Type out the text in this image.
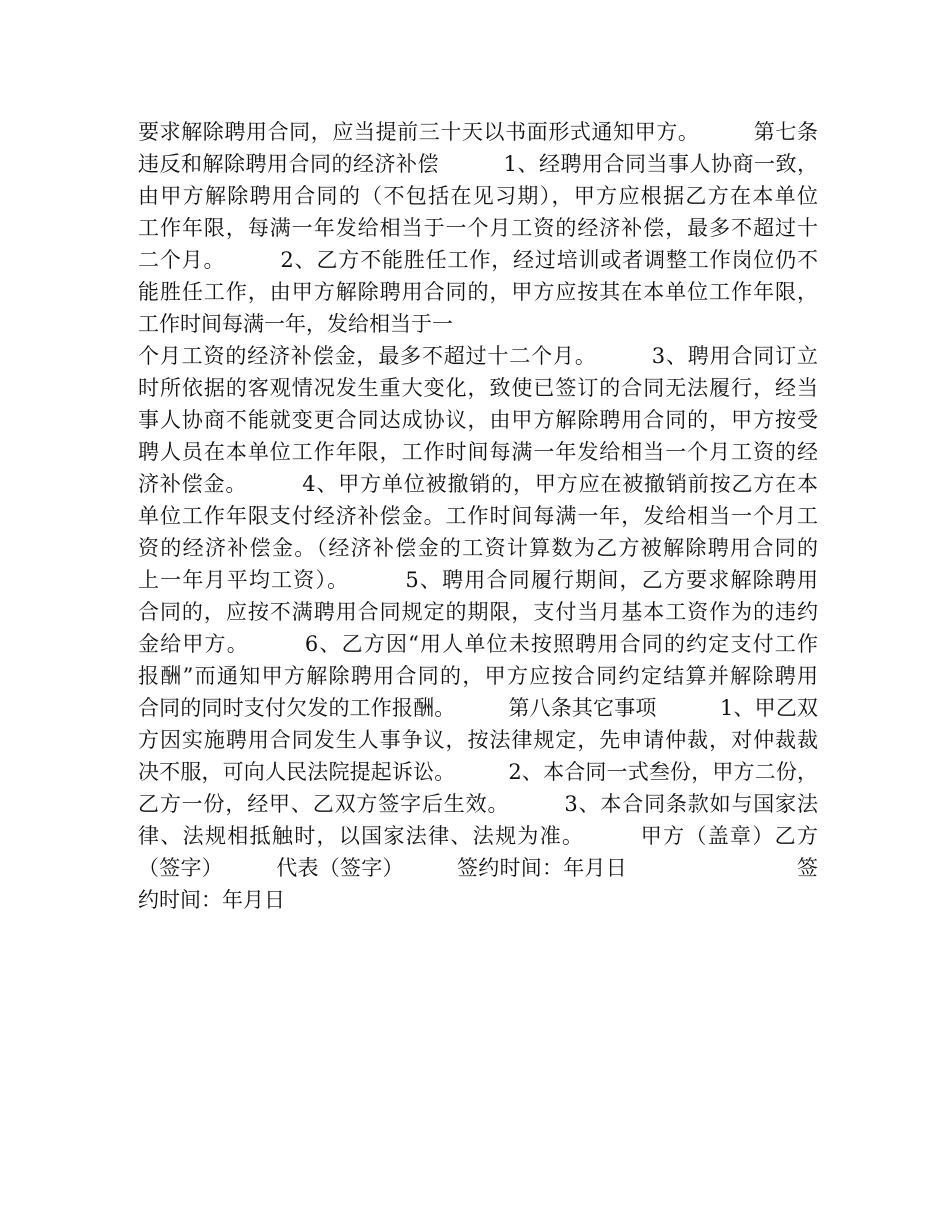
要求解除聘用合同，应当提前三十天以书面形式通知甲方。　　　第七条
违反和解除聘用合同的经济补偿　　　1、经聘用合同当事人协商一致，
由甲方解除聘用合同的（不包括在见习期），甲方应根据乙方在本单位
工作年限，每满一年发给相当于一个月工资的经济补偿，最多不超过十
二个月。　　　2、乙方不能胜任工作，经过培训或者调整工作岗位仍不
能胜任工作，由甲方解除聘用合同的，甲方应按其在本单位工作年限，
工作时间每满一年，发给相当于一
个月工资的经济补偿金，最多不超过十二个月。　　　3、聘用合同订立
时所依据的客观情况发生重大变化，致使已签订的合同无法履行，经当
事人协商不能就变更合同达成协议，由甲方解除聘用合同的，甲方按受
聘人员在本单位工作年限，工作时间每满一年发给相当一个月工资的经
济补偿金。　　　4、甲方单位被撤销的，甲方应在被撤销前按乙方在本
单位工作年限支付经济补偿金。工作时间每满一年，发给相当一个月工
资的经济补偿金。（经济补偿金的工资计算数为乙方被解除聘用合同的
上一年月平均工资）。　　　5、聘用合同履行期间，乙方要求解除聘用
合同的，应按不满聘用合同规定的期限，支付当月基本工资作为的违约
金给甲方。　　　6、乙方因“用人单位未按照聘用合同的约定支付工作
报酬”而通知甲方解除聘用合同的，甲方应按合同约定结算并解除聘用
合同的同时支付欠发的工作报酬。　　　第八条其它事项　　　1、甲乙双
方因实施聘用合同发生人事争议，按法律规定，先申请仲裁，对仲裁裁
决不服，可向人民法院提起诉讼。　　　2、本合同一式叁份，甲方二份，
乙方一份，经甲、乙双方签字后生效。　　　3、本合同条款如与国家法
律、法规相抵触时，以国家法律、法规为准。　　　甲方（盖章）乙方
（签字）　　　代表（签字）　　　签约时间：年月日　　　　　　　　签
约时间：年月日
